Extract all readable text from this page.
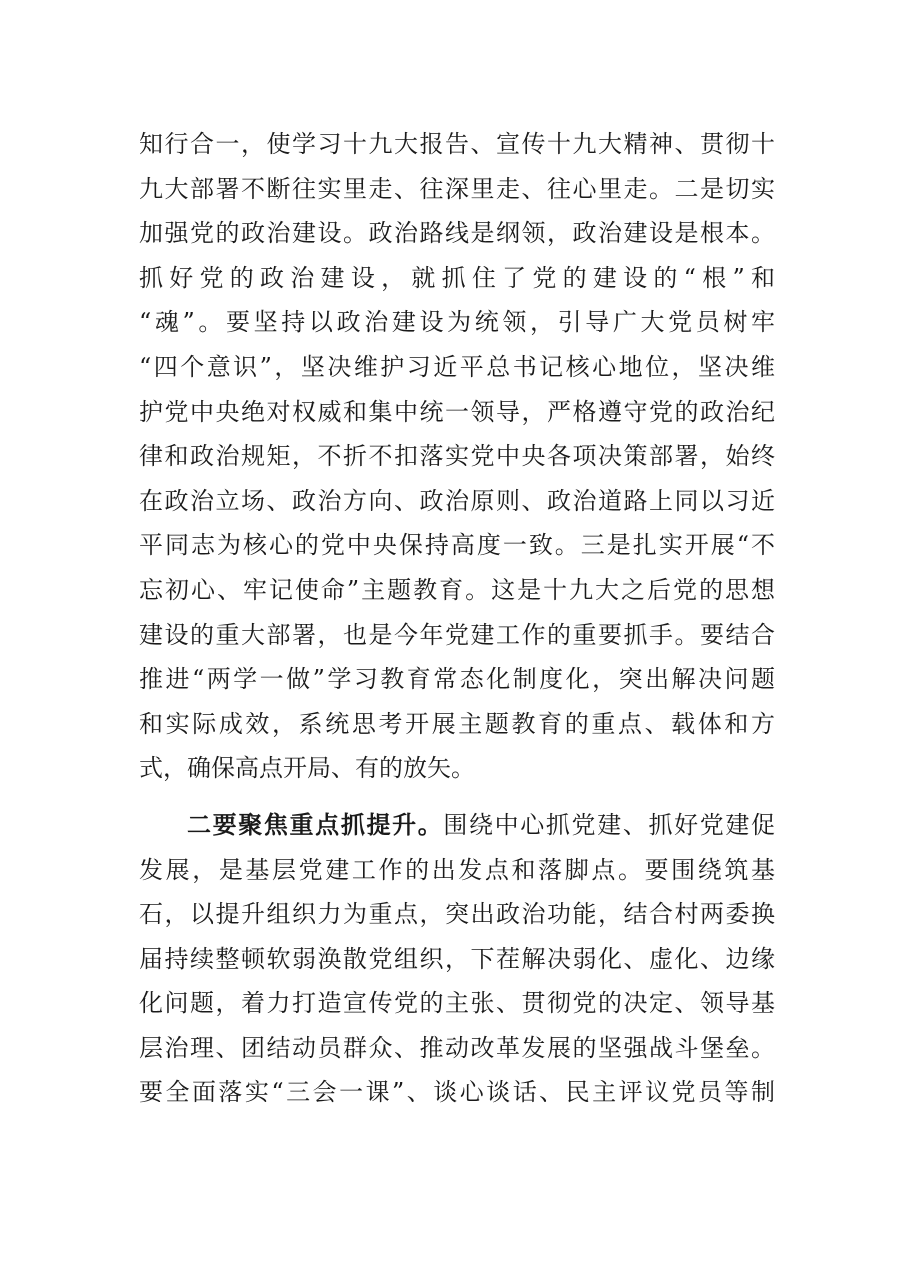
知行合一，使学习十九大报告、宣传十九大精神、贯彻十
九大部署不断往实里走、往深里走、往心里走。二是切实
加强党的政治建设。政治路线是纲领，政治建设是根本。
抓好党的政治建设，就抓住了党的建设的“根”和
“魂”。要坚持以政治建设为统领，引导广大党员树牢
“四个意识”，坚决维护习近平总书记核心地位，坚决维
护党中央绝对权威和集中统一领导，严格遵守党的政治纪
律和政治规矩，不折不扣落实党中央各项决策部署，始终
在政治立场、政治方向、政治原则、政治道路上同以习近
平同志为核心的党中央保持高度一致。三是扎实开展“不
忘初心、牢记使命”主题教育。这是十九大之后党的思想
建设的重大部署，也是今年党建工作的重要抓手。要结合
推进“两学一做”学习教育常态化制度化，突出解决问题
和实际成效，系统思考开展主题教育的重点、载体和方
式，确保高点开局、有的放矢。
二要聚焦重点抓提升。围绕中心抓党建、抓好党建促
发展，是基层党建工作的出发点和落脚点。要围绕筑基
石，以提升组织力为重点，突出政治功能，结合村两委换
届持续整顿软弱涣散党组织，下茬解决弱化、虚化、边缘
化问题，着力打造宣传党的主张、贯彻党的决定、领导基
层治理、团结动员群众、推动改革发展的坚强战斗堡垒。
要全面落实“三会一课”、谈心谈话、民主评议党员等制
